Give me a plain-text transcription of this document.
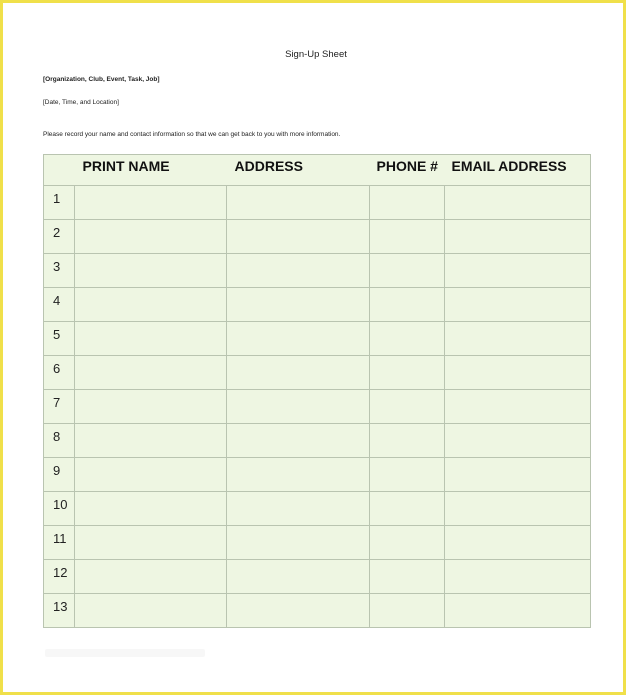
Sign-Up Sheet
[Organization, Club, Event, Task, Job]
[Date, Time, and Location]
Please record your name and contact information so that we can get back to you with more information.
	PRINT NAME	ADDRESS	PHONE #	EMAIL ADDRESS
1				
2				
3				
4				
5				
6				
7				
8				
9				
10				
11				
12				
13				
